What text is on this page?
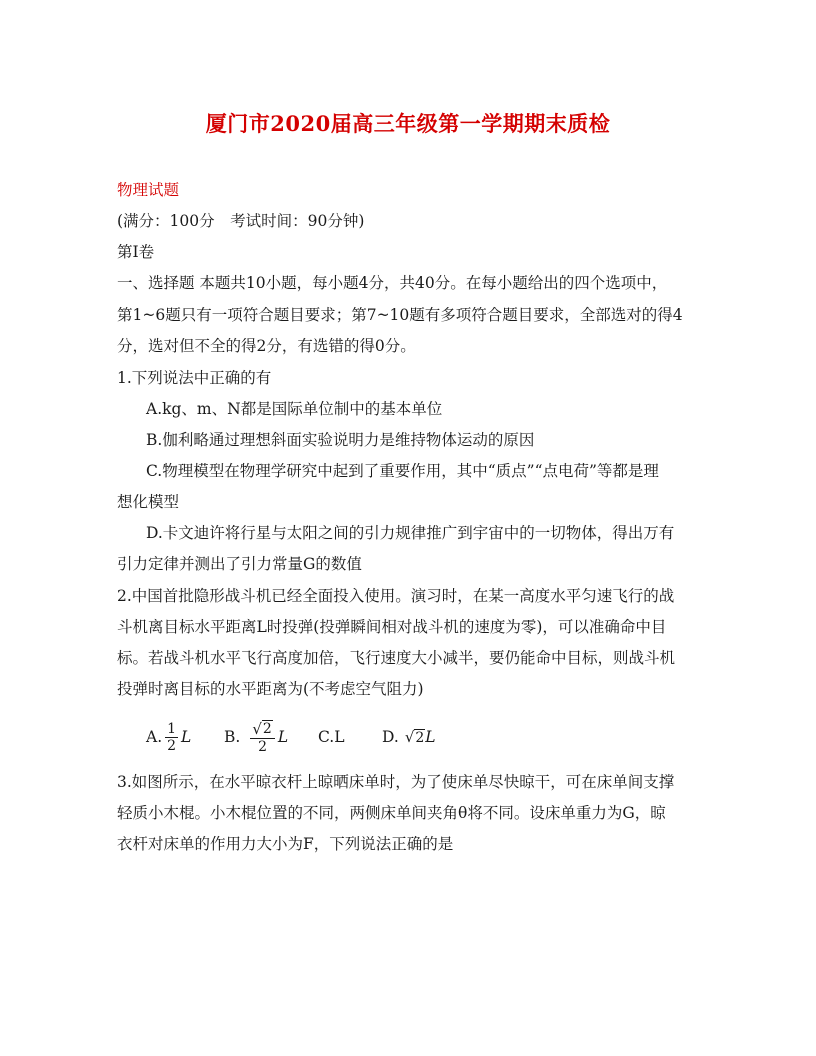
厦门市2020届高三年级第一学期期末质检
物理试题
(满分：100分　考试时间：90分钟)
第I卷
一、选择题 本题共10小题，每小题4分，共40分。在每小题给出的四个选项中，
第1~6题只有一项符合题目要求；第7~10题有多项符合题目要求，全部选对的得4
分，选对但不全的得2分，有选错的得0分。
1.下列说法中正确的有
A.kg、m、N都是国际单位制中的基本单位
B.伽利略通过理想斜面实验说明力是维持物体运动的原因
C.物理模型在物理学研究中起到了重要作用，其中“质点”“点电荷”等都是理
想化模型
D.卡文迪许将行星与太阳之间的引力规律推广到宇宙中的一切物体，得出万有
引力定律并测出了引力常量G的数值
2.中国首批隐形战斗机已经全面投入使用。演习时，在某一高度水平匀速飞行的战
斗机离目标水平距离L时投弹(投弹瞬间相对战斗机的速度为零)，可以准确命中目
标。若战斗机水平飞行高度加倍，飞行速度大小减半，要仍能命中目标，则战斗机
投弹时离目标的水平距离为(不考虑空气阻力)
A. $\frac{1}{2}$ L B. $\frac{√ 2}{2}$ L C.L D. √ 2 L
3.如图所示，在水平晾衣杆上晾晒床单时，为了使床单尽快晾干，可在床单间支撑
轻质小木棍。小木棍位置的不同，两侧床单间夹角θ将不同。设床单重力为G，晾
衣杆对床单的作用力大小为F，下列说法正确的是
